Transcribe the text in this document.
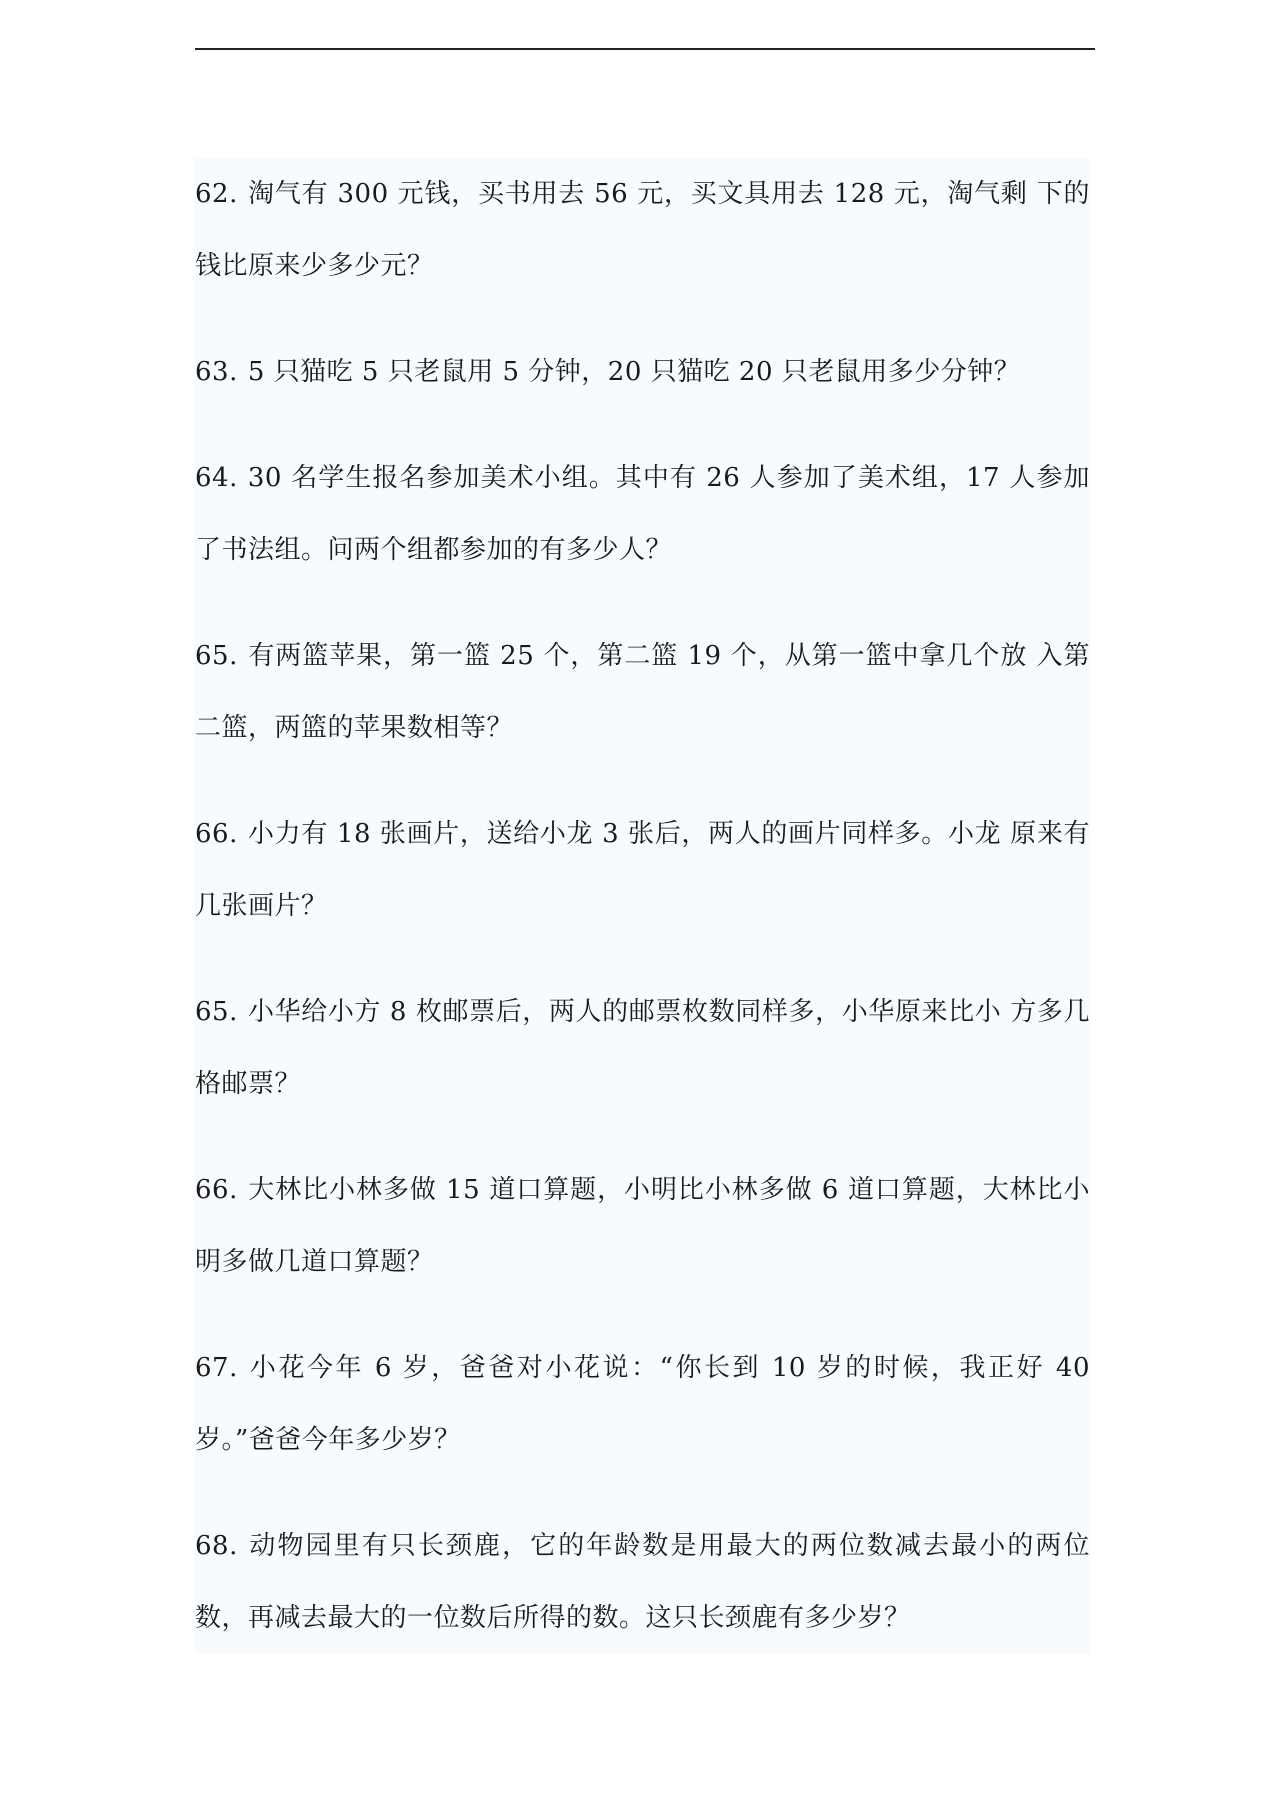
62. 淘气有 300 元钱，买书用去 56 元，买文具用去 128 元，淘气剩 下的钱比原来少多少元？

63. 5 只猫吃 5 只老鼠用 5 分钟，20 只猫吃 20 只老鼠用多少分钟？

64. 30 名学生报名参加美术小组。其中有 26 人参加了美术组，17 人参加了书法组。问两个组都参加的有多少人？

65. 有两篮苹果，第一篮 25 个，第二篮 19 个，从第一篮中拿几个放 入第二篮，两篮的苹果数相等？

66. 小力有 18 张画片，送给小龙 3 张后，两人的画片同样多。小龙 原来有几张画片？

65. 小华给小方 8 枚邮票后，两人的邮票枚数同样多，小华原来比小 方多几格邮票？

66. 大林比小林多做 15 道口算题，小明比小林多做 6 道口算题，大林比小明多做几道口算题？

67. 小花今年 6 岁，爸爸对小花说：“你长到 10 岁的时候，我正好 40 岁。”爸爸今年多少岁？

68. 动物园里有只长颈鹿，它的年龄数是用最大的两位数减去最小的两位数，再减去最大的一位数后所得的数。这只长颈鹿有多少岁？
